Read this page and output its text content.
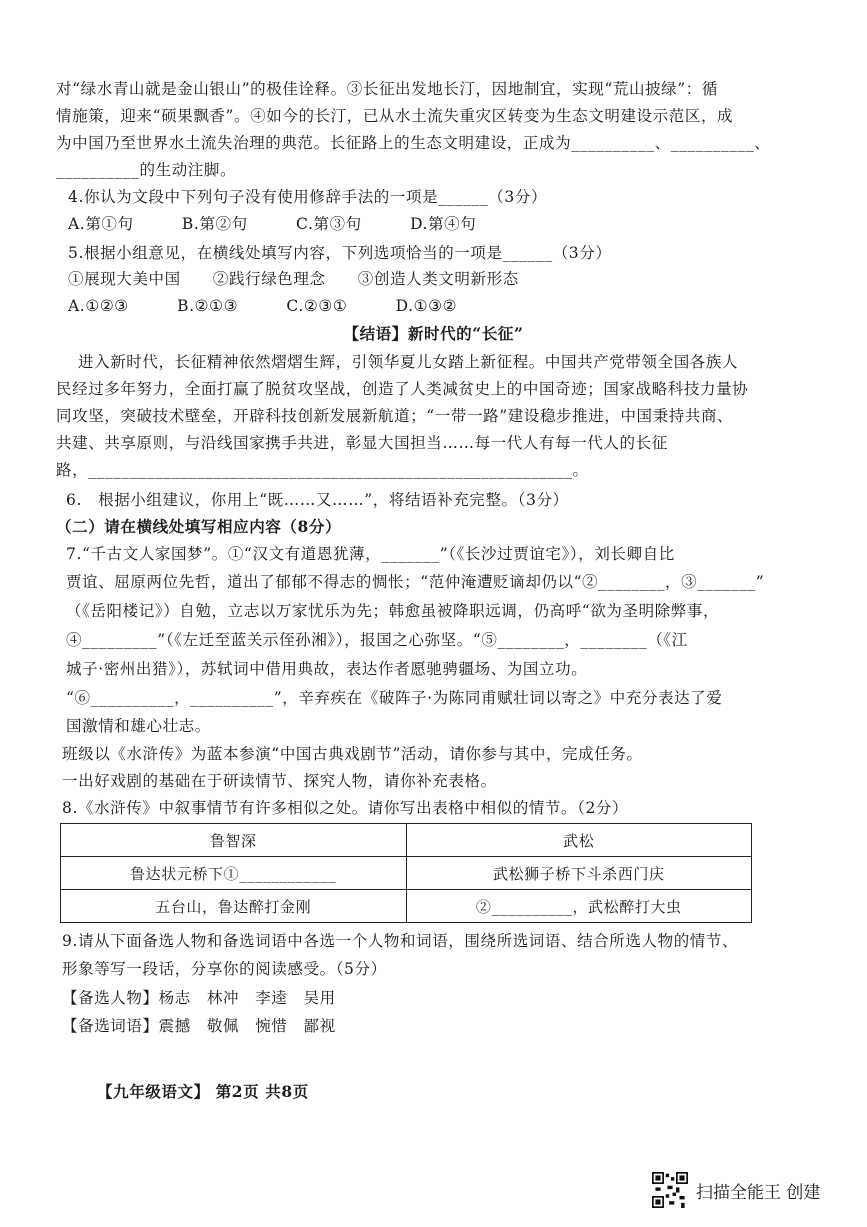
对“绿水青山就是金山银山”的极佳诠释。③长征出发地长汀，因地制宜，实现“荒山披绿”：循
情施策，迎来“硕果飘香”。④如今的长汀，已从水土流失重灾区转变为生态文明建设示范区，成
为中国乃至世界水土流失治理的典范。长征路上的生态文明建设，正成为__________、__________、
__________的生动注脚。
4.你认为文段中下列句子没有使用修辞手法的一项是______（3分）
A.第①句　　　B.第②句　　　C.第③句　　　D.第④句
5.根据小组意见，在横线处填写内容，下列选项恰当的一项是______（3分）
①展现大美中国　　②践行绿色理念　　③创造人类文明新形态
A.①②③　　　B.②①③　　　C.②③①　　　D.①③②
【结语】新时代的“长征”
进入新时代，长征精神依然熠熠生辉，引领华夏儿女踏上新征程。中国共产党带领全国各族人
民经过多年努力，全面打赢了脱贫攻坚战，创造了人类减贫史上的中国奇迹；国家战略科技力量协
同攻坚，突破技术壁垒，开辟科技创新发展新航道；“一带一路”建设稳步推进，中国秉持共商、
共建、共享原则，与沿线国家携手共进，彰显大国担当……每一代人有每一代人的长征
路，__________________________________________________________。
6.　根据小组建议，你用上“既……又……”，将结语补充完整。（3分）
（二）请在横线处填写相应内容（8分）
7.“千古文人家国梦”。①“汉文有道恩犹薄，_______”（《长沙过贾谊宅》），刘长卿自比
贾谊、屈原两位先哲，道出了郁郁不得志的惆怅；“范仲淹遭贬谪却仍以“②________，③_______”
（《岳阳楼记》）自勉，立志以万家忧乐为先；韩愈虽被降职远调，仍高呼“欲为圣明除弊事，
④_________”（《左迁至蓝关示侄孙湘》），报国之心弥坚。“⑤________，________（《江
城子·密州出猎》），苏轼词中借用典故，表达作者愿驰骋疆场、为国立功。
“⑥__________，__________”，辛弃疾在《破阵子·为陈同甫赋壮词以寄之》中充分表达了爱
国激情和雄心壮志。
班级以《水浒传》为蓝本参演“中国古典戏剧节”活动，请你参与其中，完成任务。
一出好戏剧的基础在于研读情节、探究人物，请你补充表格。
8.《水浒传》中叙事情节有许多相似之处。请你写出表格中相似的情节。（2分）
鲁智深	武松
鲁达状元桥下①____________	武松狮子桥下斗杀西门庆
五台山，鲁达醉打金刚	②__________，武松醉打大虫
9.请从下面备选人物和备选词语中各选一个人物和词语，围绕所选词语、结合所选人物的情节、
形象等写一段话，分享你的阅读感受。（5分）
【备选人物】杨志　林冲　李逵　吴用
【备选词语】震撼　敬佩　惋惜　鄙视
【九年级语文】 第2页 共8页
扫描全能王 创建
